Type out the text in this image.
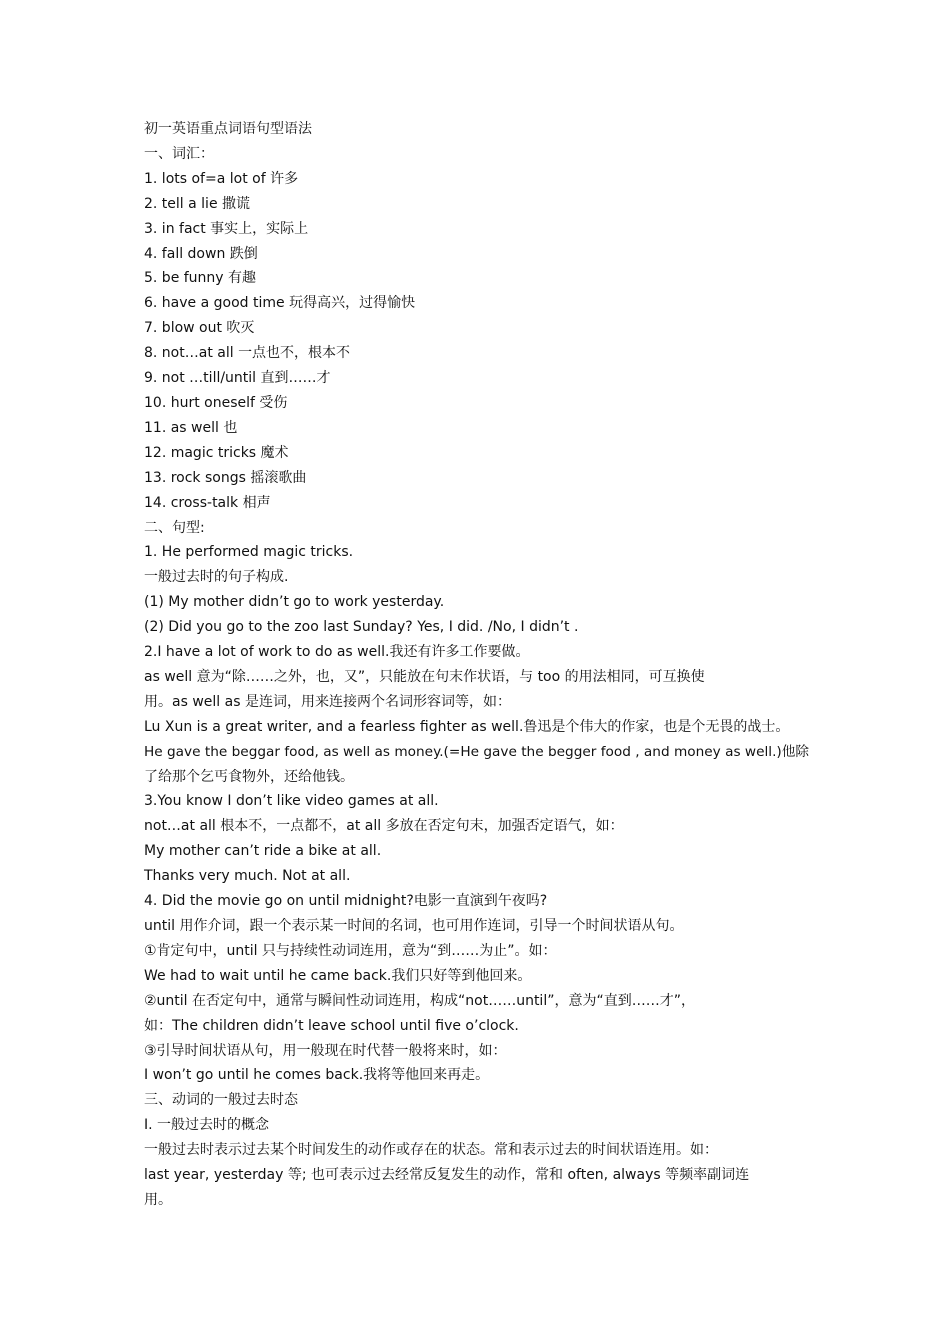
初一英语重点词语句型语法
一、词汇：
1. lots of=a lot of 许多
2. tell a lie 撒谎
3. in fact 事实上，实际上
4. fall down 跌倒
5. be funny 有趣
6. have a good time 玩得高兴，过得愉快
7. blow out 吹灭
8. not…at all 一点也不，根本不
9. not …till/until 直到……才
10. hurt oneself 受伤
11. as well 也
12. magic tricks 魔术
13. rock songs 摇滚歌曲
14. cross-talk 相声
二、句型:
1. He performed magic tricks.
一般过去时的句子构成.
(1) My mother didn’t go to work yesterday.
(2) Did you go to the zoo last Sunday? Yes, I did. /No, I didn’t .
2.I have a lot of work to do as well.我还有许多工作要做。
as well 意为“除……之外，也，又”，只能放在句末作状语，与 too 的用法相同，可互换使
用。as well as 是连词，用来连接两个名词形容词等，如：
Lu Xun is a great writer, and a fearless fighter as well.鲁迅是个伟大的作家，也是个无畏的战士。
He gave the beggar food, as well as money.(=He gave the begger food , and money as well.)他除
了给那个乞丐食物外，还给他钱。
3.You know I don’t like video games at all.
not…at all 根本不，一点都不，at all 多放在否定句末，加强否定语气，如：
My mother can’t ride a bike at all.
Thanks very much. Not at all.
4. Did the movie go on until midnight?电影一直演到午夜吗?
until 用作介词，跟一个表示某一时间的名词，也可用作连词，引导一个时间状语从句。
①肯定句中，until 只与持续性动词连用，意为“到……为止”。如：
We had to wait until he came back.我们只好等到他回来。
②until 在否定句中，通常与瞬间性动词连用，构成“not……until”，意为“直到……才”，
如：The children didn’t leave school until five o’clock.
③引导时间状语从句，用一般现在时代替一般将来时，如：
I won’t go until he comes back.我将等他回来再走。
三、动词的一般过去时态
I. 一般过去时的概念
一般过去时表示过去某个时间发生的动作或存在的状态。常和表示过去的时间状语连用。如：
last year, yesterday 等; 也可表示过去经常反复发生的动作，常和 often, always 等频率副词连
用。
